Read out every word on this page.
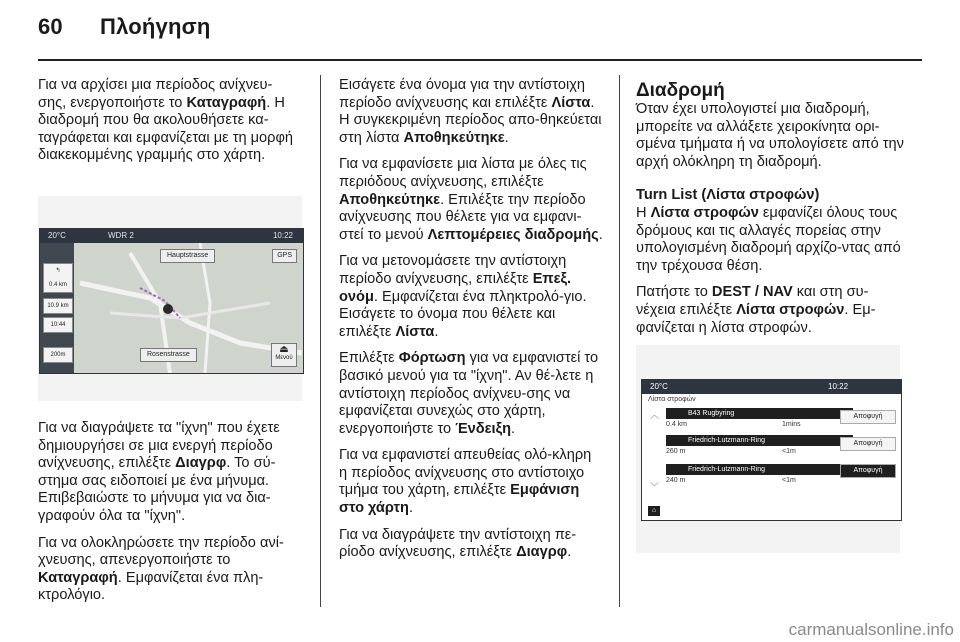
60 Πλοήγηση

Για να αρχίσει μια περίοδος ανίχνευ-σης, ενεργοποιήστε το Καταγραφή. Η διαδρομή που θα ακολουθήσετε κα-ταγράφεται και εμφανίζεται με τη μορφή διακεκομμένης γραμμής στο χάρτη.

20°C	WDR 2	10:22
Hauptstrasse
Rosenstrasse
GPS
↰
0.4 km
10.9 km
10:44
200m	⏏
Μενού

Για να διαγράψετε τα "ίχνη" που έχετε δημιουργήσει σε μια ενεργή περίοδο ανίχνευσης, επιλέξτε Διαγρφ. Το σύ-στημα σας ειδοποιεί με ένα μήνυμα. Επιβεβαιώστε το μήνυμα για να δια-γραφούν όλα τα "ίχνη".

Για να ολοκληρώσετε την περίοδο ανί-χνευσης, απενεργοποιήστε το Καταγραφή. Εμφανίζεται ένα πλη-κτρολόγιο.

Εισάγετε ένα όνομα για την αντίστοιχη περίοδο ανίχνευσης και επιλέξτε Λίστα. Η συγκεκριμένη περίοδος απο-θηκεύεται στη λίστα Αποθηκεύτηκε.

Για να εμφανίσετε μια λίστα με όλες τις περιόδους ανίχνευσης, επιλέξτε Αποθηκεύτηκε. Επιλέξτε την περίοδο ανίχνευσης που θέλετε για να εμφανι-στεί το μενού Λεπτομέρειες διαδρομής.

Για να μετονομάσετε την αντίστοιχη περίοδο ανίχνευσης, επιλέξτε Επεξ. ονόμ. Εμφανίζεται ένα πληκτρολό-γιο. Εισάγετε το όνομα που θέλετε και επιλέξτε Λίστα.

Επιλέξτε Φόρτωση για να εμφανιστεί το βασικό μενού για τα "ίχνη". Αν θέ-λετε η αντίστοιχη περίοδος ανίχνευ-σης να εμφανίζεται συνεχώς στο χάρτη, ενεργοποιήστε το Ένδειξη.

Για να εμφανιστεί απευθείας ολό-κληρη η περίοδος ανίχνευσης στο αντίστοιχο τμήμα του χάρτη, επιλέξτε Εμφάνιση στο χάρτη.

Για να διαγράψετε την αντίστοιχη πε-ρίοδο ανίχνευσης, επιλέξτε Διαγρφ.

Διαδρομή

Όταν έχει υπολογιστεί μια διαδρομή, μπορείτε να αλλάξετε χειροκίνητα ορι-σμένα τμήματα ή να υπολογίσετε από την αρχή ολόκληρη τη διαδρομή.

Turn List (Λίστα στροφών)

Η Λίστα στροφών εμφανίζει όλους τους δρόμους και τις αλλαγές πορείας στην υπολογισμένη διαδρομή αρχίζο-ντας από την τρέχουσα θέση.

Πατήστε το DEST / NAV και στη συ-νέχεια επιλέξτε Λίστα στροφών. Εμ-φανίζεται η λίστα στροφών.

20°C	10:22
Λίστα στροφών
︿
﹀
B43 Rugbyring
0.4 km	1mins
Αποφυγή
Friedrich-Lutzmann-Ring
260 m	<1m
Αποφυγή
Friedrich-Lutzmann-Ring
240 m	<1m
Αποφυγή
⌂
carmanualsonline.info
